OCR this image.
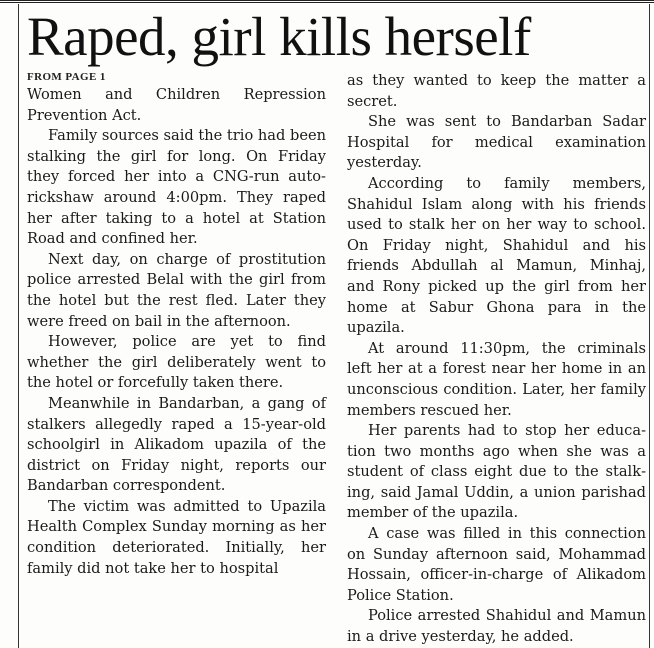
Raped, girl kills herself
FROM PAGE 1

Women and Children Repression Prevention Act.

Family sources said the trio had been stalking the girl for long. On Friday they forced her into a CNG-run auto-rickshaw around 4:00pm. They raped her after taking to a hotel at Station Road and confined her.

Next day, on charge of prostitution police arrested Belal with the girl from the hotel but the rest fled. Later they were freed on bail in the afternoon.

However, police are yet to find whether the girl deliberately went to the hotel or forcefully taken there.

Meanwhile in Bandarban, a gang of stalkers allegedly raped a 15-year-old schoolgirl in Alikadom upazila of the district on Friday night, reports our Bandarban correspondent.

The victim was admitted to Upazila Health Complex Sunday morning as her condition deteriorated. Initially, her family did not take her to hospital

as they wanted to keep the matter a secret.

She was sent to Bandarban Sadar Hospital for medical examination yesterday.

According to family members, Shahidul Islam along with his friends used to stalk her on her way to school. On Friday night, Shahidul and his friends Abdullah al Mamun, Minhaj, and Rony picked up the girl from her home at Sabur Ghona para in the upazila.

At around 11:30pm, the criminals left her at a forest near her home in an unconscious condition. Later, her family members rescued her.

Her parents had to stop her education two months ago when she was a student of class eight due to the stalking, said Jamal Uddin, a union parishad member of the upazila.

A case was filled in this connection on Sunday afternoon said, Mohammad Hossain, officer-in-charge of Alikadom Police Station.

Police arrested Shahidul and Mamun in a drive yesterday, he added.
